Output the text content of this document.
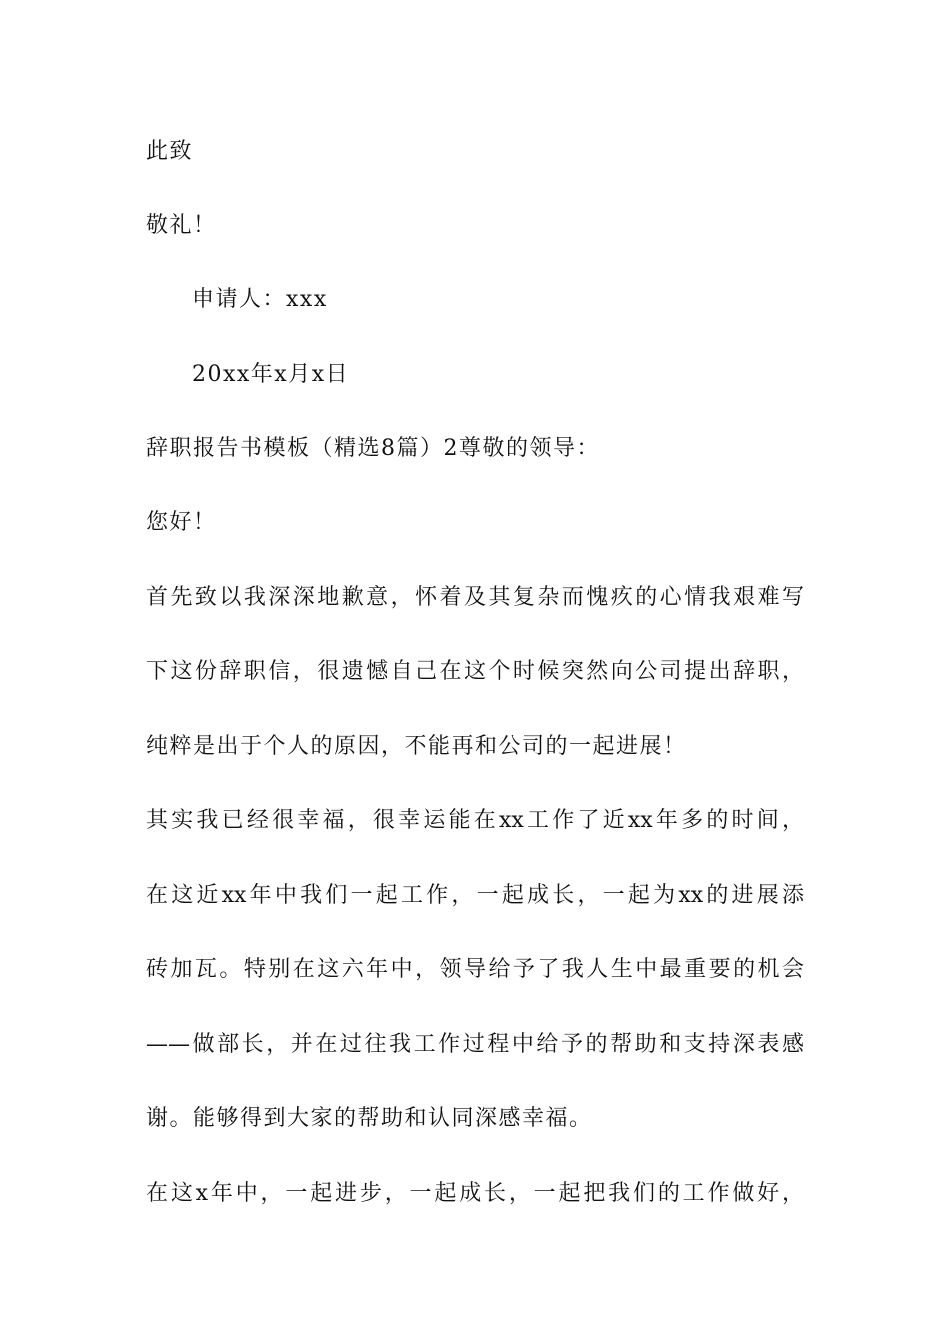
此致
敬礼！
申请人：xxx
20xx年x月x日
辞职报告书模板（精选8篇）2尊敬的领导：
您好！
首先致以我深深地歉意，怀着及其复杂而愧疚的心情我艰难写
下这份辞职信，很遗憾自己在这个时候突然向公司提出辞职，
纯粹是出于个人的原因，不能再和公司的一起进展！
其实我已经很幸福，很幸运能在xx工作了近xx年多的时间，
在这近xx年中我们一起工作，一起成长，一起为xx的进展添
砖加瓦。特别在这六年中，领导给予了我人生中最重要的机会
——做部长，并在过往我工作过程中给予的帮助和支持深表感
谢。能够得到大家的帮助和认同深感幸福。
在这x年中，一起进步，一起成长，一起把我们的工作做好，
